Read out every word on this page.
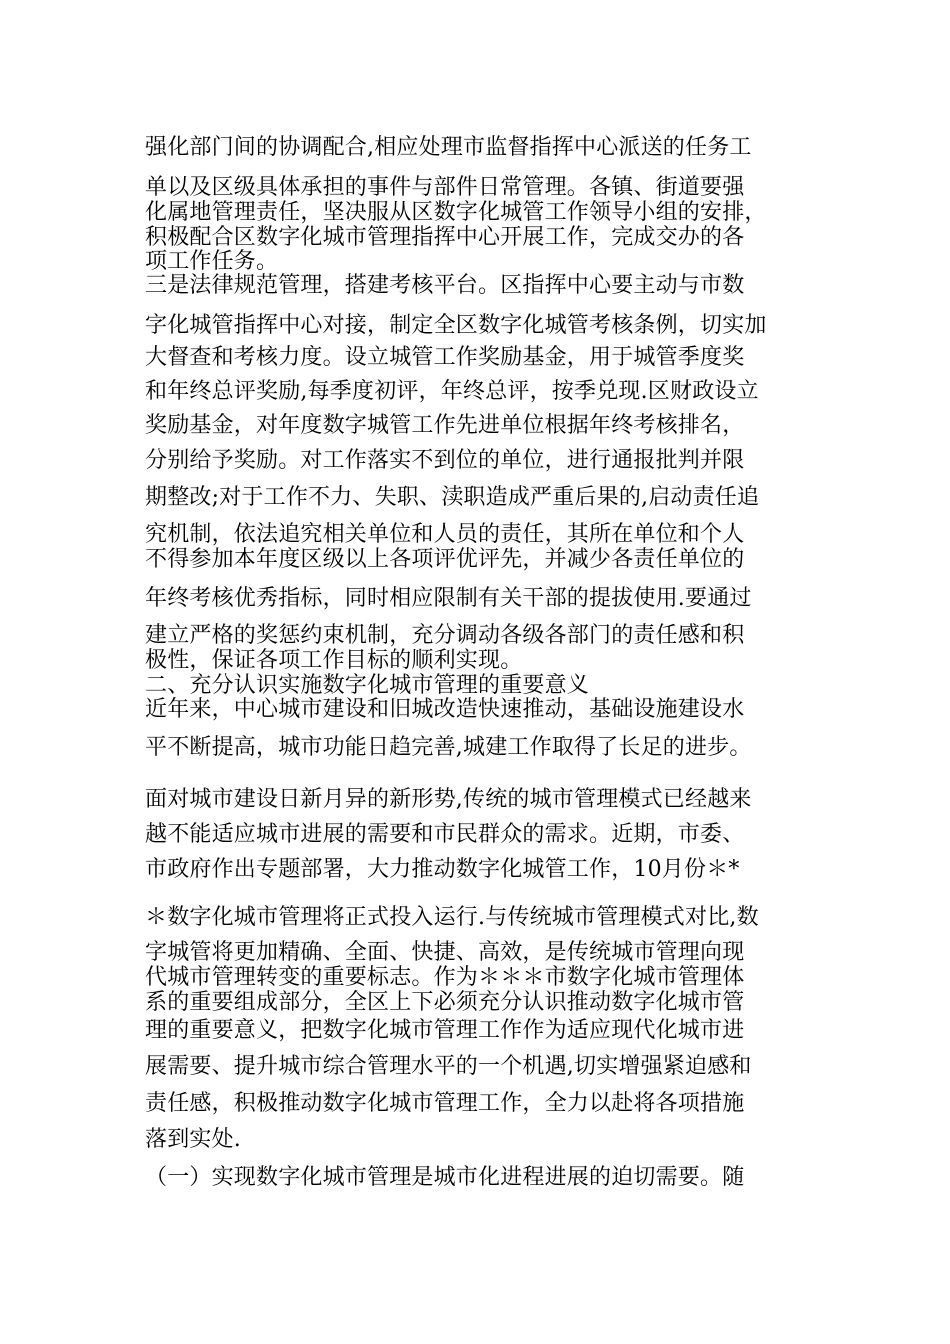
强化部门间的协调配合,相应处理市监督指挥中心派送的任务工
单以及区级具体承担的事件与部件日常管理。各镇、街道要强
化属地管理责任，坚决服从区数字化城管工作领导小组的安排，
积极配合区数字化城市管理指挥中心开展工作，完成交办的各
项工作任务。
三是法律规范管理，搭建考核平台。区指挥中心要主动与市数
字化城管指挥中心对接，制定全区数字化城管考核条例，切实加
大督查和考核力度。设立城管工作奖励基金，用于城管季度奖
和年终总评奖励,每季度初评，年终总评，按季兑现.区财政设立
奖励基金，对年度数字城管工作先进单位根据年终考核排名，
分别给予奖励。对工作落实不到位的单位，进行通报批判并限
期整改;对于工作不力、失职、渎职造成严重后果的,启动责任追
究机制，依法追究相关单位和人员的责任，其所在单位和个人
不得参加本年度区级以上各项评优评先，并减少各责任单位的
年终考核优秀指标，同时相应限制有关干部的提拔使用.要通过
建立严格的奖惩约束机制，充分调动各级各部门的责任感和积
极性，保证各项工作目标的顺利实现。
二、充分认识实施数字化城市管理的重要意义
近年来，中心城市建设和旧城改造快速推动，基础设施建设水
平不断提高，城市功能日趋完善,城建工作取得了长足的进步。
面对城市建设日新月异的新形势,传统的城市管理模式已经越来
越不能适应城市进展的需要和市民群众的需求。近期，市委、
市政府作出专题部署，大力推动数字化城管工作，10月份＊*
＊数字化城市管理将正式投入运行.与传统城市管理模式对比,数
字城管将更加精确、全面、快捷、高效，是传统城市管理向现
代城市管理转变的重要标志。作为＊＊＊市数字化城市管理体
系的重要组成部分，全区上下必须充分认识推动数字化城市管
理的重要意义，把数字化城市管理工作作为适应现代化城市进
展需要、提升城市综合管理水平的一个机遇,切实增强紧迫感和
责任感，积极推动数字化城市管理工作，全力以赴将各项措施
落到实处.
（一）实现数字化城市管理是城市化进程进展的迫切需要。随
